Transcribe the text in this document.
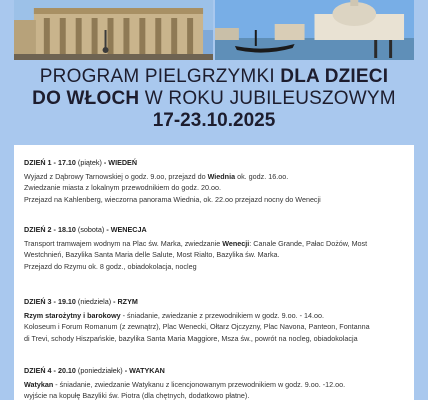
PROGRAM PIELGRZYMKI DLA DZIECI
DO WŁOCH W ROKU JUBILEUSZOWYM
17-23.10.2025
DZIEŃ 1 - 17.10 (piątek) - WIEDEŃ

Wyjazd z Dąbrowy Tarnowskiej o godz. 9.oo, przejazd do Wiednia ok. godz. 16.oo.

Zwiedzanie miasta z lokalnym przewodnikiem do godz. 20.oo.

Przejazd na Kahlenberg, wieczorna panorama Wiednia, ok. 22.oo przejazd nocny do Wenecji

DZIEŃ 2 - 18.10 (sobota) - WENECJA

Transport tramwajem wodnym na Plac św. Marka, zwiedzanie Wenecji: Canale Grande, Pałac Dożów, Most

Westchnień, Bazylika Santa Maria delle Salute, Most Rialto, Bazylika św. Marka.

Przejazd do Rzymu ok. 8 godz., obiadokolacja, nocleg

DZIEŃ 3 - 19.10 (niedziela) - RZYM

Rzym starożytny i barokowy - śniadanie, zwiedzanie z przewodnikiem w godz. 9.oo. - 14.oo.

Koloseum i Forum Romanum (z zewnątrz), Plac Wenecki, Ołtarz Ojczyzny, Plac Navona, Panteon, Fontanna

di Trevi, schody Hiszpańskie, bazylika Santa Maria Maggiore, Msza św., powrót na nocleg, obiadokolacja

DZIEŃ 4 - 20.10 (poniedziałek) - WATYKAN

Watykan - śniadanie, zwiedzanie Watykanu z licencjonowanym przewodnikiem w godz. 9.oo. -12.oo.

wyjście na kopułę Bazyliki św. Piotra (dla chętnych, dodatkowo płatne).
